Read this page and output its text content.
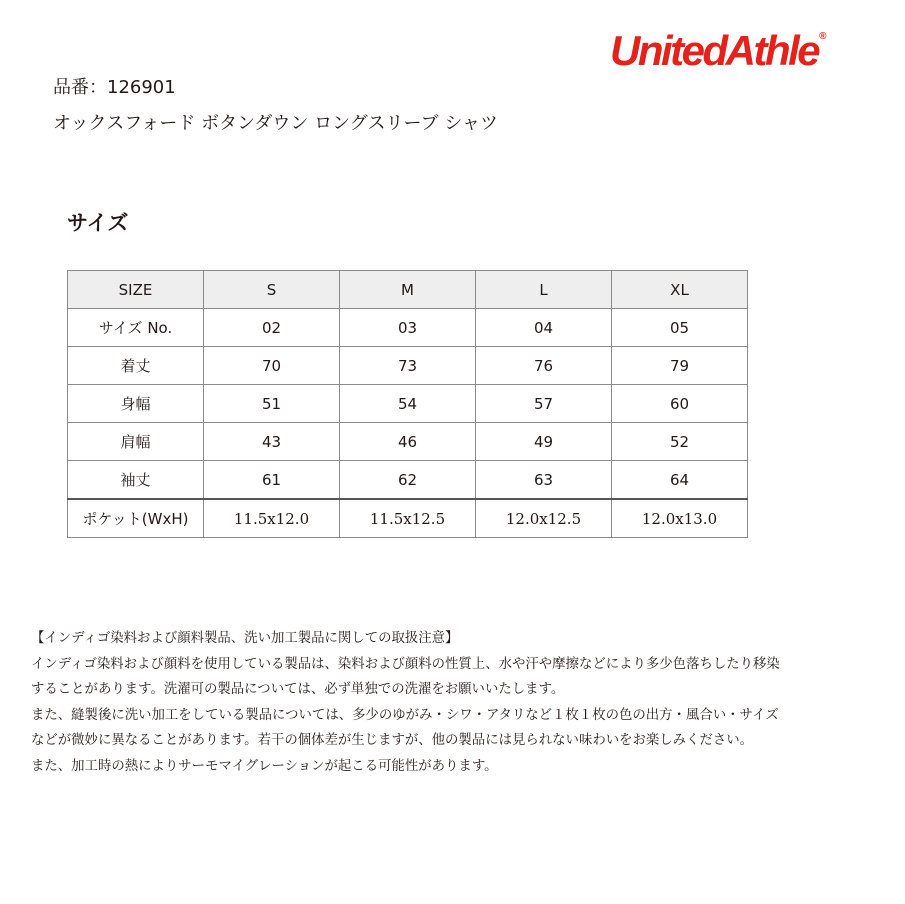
UnitedAthle®
品番：126901
オックスフォード ボタンダウン ロングスリーブ シャツ
サイズ
SIZE	S	M	L	XL
サイズ No.	02	03	04	05
着丈	70	73	76	79
身幅	51	54	57	60
肩幅	43	46	49	52
袖丈	61	62	63	64
ポケット(WxH)	11.5x12.0	11.5x12.5	12.0x12.5	12.0x13.0
【インディゴ染料および顔料製品、洗い加工製品に関しての取扱注意】
インディゴ染料および顔料を使用している製品は、染料および顔料の性質上、水や汗や摩擦などにより多少色落ちしたり移染
することがあります。洗濯可の製品については、必ず単独での洗濯をお願いいたします。
また、縫製後に洗い加工をしている製品については、多少のゆがみ・シワ・アタリなど１枚１枚の色の出方・風合い・サイズ
などが微妙に異なることがあります。若干の個体差が生じますが、他の製品には見られない味わいをお楽しみください。
また、加工時の熱によりサーモマイグレーションが起こる可能性があります。
